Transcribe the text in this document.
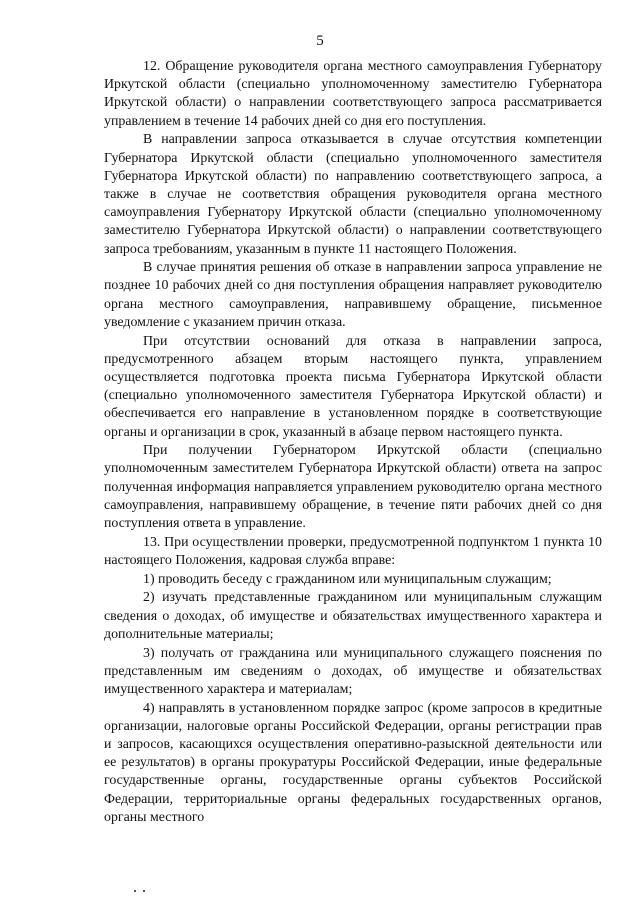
5

12. Обращение руководителя органа местного самоуправления Губернатору Иркутской области (специально уполномоченному заместителю Губернатора Иркутской области) о направлении соответствующего запроса рассматривается управлением в течение 14 рабочих дней со дня его поступления.

В направлении запроса отказывается в случае отсутствия компетенции Губернатора Иркутской области (специально уполномоченного заместителя Губернатора Иркутской области) по направлению соответствующего запроса, а также в случае не соответствия обращения руководителя органа местного самоуправления Губернатору Иркутской области (специально уполномоченному заместителю Губернатора Иркутской области) о направлении соответствующего запроса требованиям, указанным в пункте 11 настоящего Положения.

В случае принятия решения об отказе в направлении запроса управление не позднее 10 рабочих дней со дня поступления обращения направляет руководителю органа местного самоуправления, направившему обращение, письменное уведомление с указанием причин отказа.

При отсутствии оснований для отказа в направлении запроса, предусмотренного абзацем вторым настоящего пункта, управлением осуществляется подготовка проекта письма Губернатора Иркутской области (специально уполномоченного заместителя Губернатора Иркутской области) и обеспечивается его направление в установленном порядке в соответствующие органы и организации в срок, указанный в абзаце первом настоящего пункта.

При получении Губернатором Иркутской области (специально уполномоченным заместителем Губернатора Иркутской области) ответа на запрос полученная информация направляется управлением руководителю органа местного самоуправления, направившему обращение, в течение пяти рабочих дней со дня поступления ответа в управление.

13. При осуществлении проверки, предусмотренной подпунктом 1 пункта 10 настоящего Положения, кадровая служба вправе:

1) проводить беседу с гражданином или муниципальным служащим;

2) изучать представленные гражданином или муниципальным служащим сведения о доходах, об имуществе и обязательствах имущественного характера и дополнительные материалы;

3) получать от гражданина или муниципального служащего пояснения по представленным им сведениям о доходах, об имуществе и обязательствах имущественного характера и материалам;

4) направлять в установленном порядке запрос (кроме запросов в кредитные организации, налоговые органы Российской Федерации, органы регистрации прав и запросов, касающихся осуществления оперативно-разыскной деятельности или ее результатов) в органы прокуратуры Российской Федерации, иные федеральные государственные органы, государственные органы субъектов Российской Федерации, территориальные органы федеральных государственных органов, органы местного
